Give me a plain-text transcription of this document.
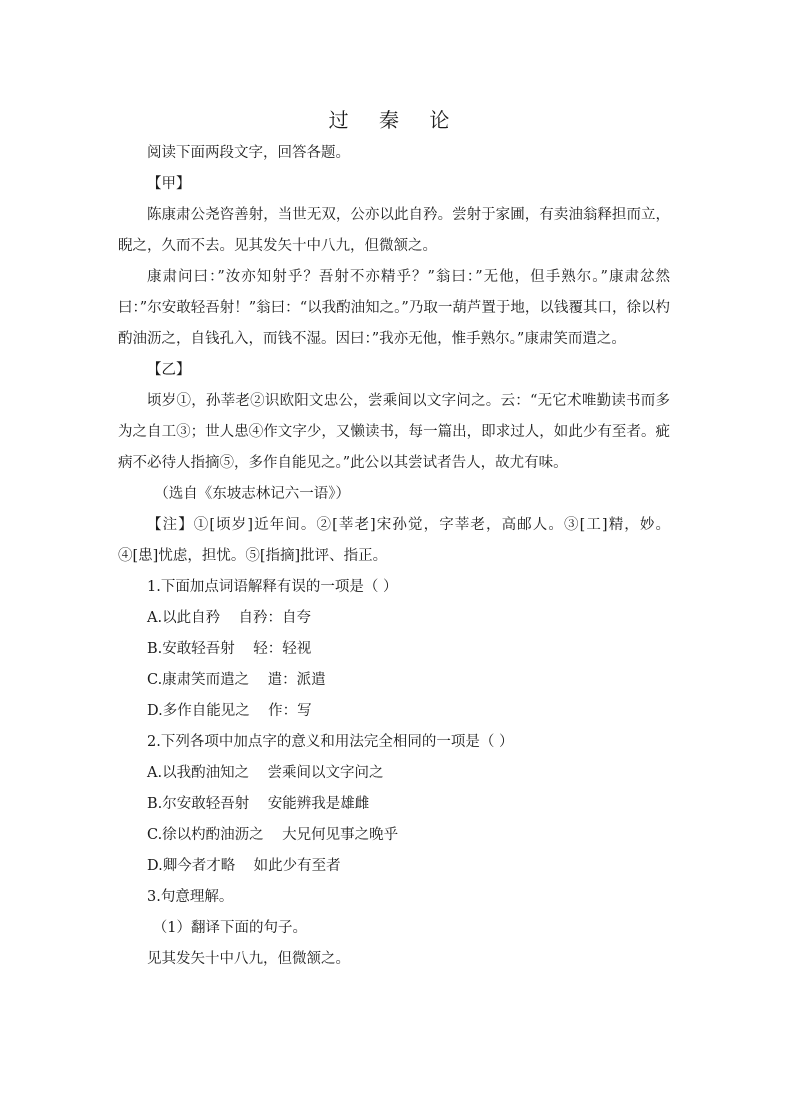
过 秦 论

阅读下面两段文字，回答各题。

【甲】

陈康肃公尧咨善射，当世无双，公亦以此自矜。尝射于家圃，有卖油翁释担而立，睨之，久而不去。见其发矢十中八九，但微颔之。

康肃问曰：”汝亦知射乎？吾射不亦精乎？”翁曰：”无他，但手熟尔。”康肃忿然曰：”尔安敢轻吾射！”翁曰：“以我酌油知之。”乃取一葫芦置于地，以钱覆其口，徐以杓酌油沥之，自钱孔入，而钱不湿。因曰：”我亦无他，惟手熟尔。”康肃笑而遣之。

【乙】

顷岁①，孙莘老②识欧阳文忠公，尝乘间以文字问之。云：“无它术唯勤读书而多为之自工③；世人患④作文字少，又懒读书，每一篇出，即求过人，如此少有至者。疵病不必待人指摘⑤，多作自能见之。”此公以其尝试者告人，故尤有味。

（选自《东坡志林记六一语》）

【注】①[顷岁]近年间。②[莘老]宋孙觉，字莘老，高邮人。③[工]精，妙。④[患]忧虑，担忧。⑤[指摘]批评、指正。

1.下面加点词语解释有误的一项是（ ）

A.以此自矜    自矜：自夸

B.安敢轻吾射    轻：轻视

C.康肃笑而遣之    遣：派遣

D.多作自能见之    作：写

2.下列各项中加点字的意义和用法完全相同的一项是（ ）

A.以我酌油知之    尝乘间以文字问之

B.尔安敢轻吾射    安能辨我是雄雌

C.徐以杓酌油沥之    大兄何见事之晚乎

D.卿今者才略    如此少有至者

3.句意理解。

（1）翻译下面的句子。

见其发矢十中八九，但微颔之。
